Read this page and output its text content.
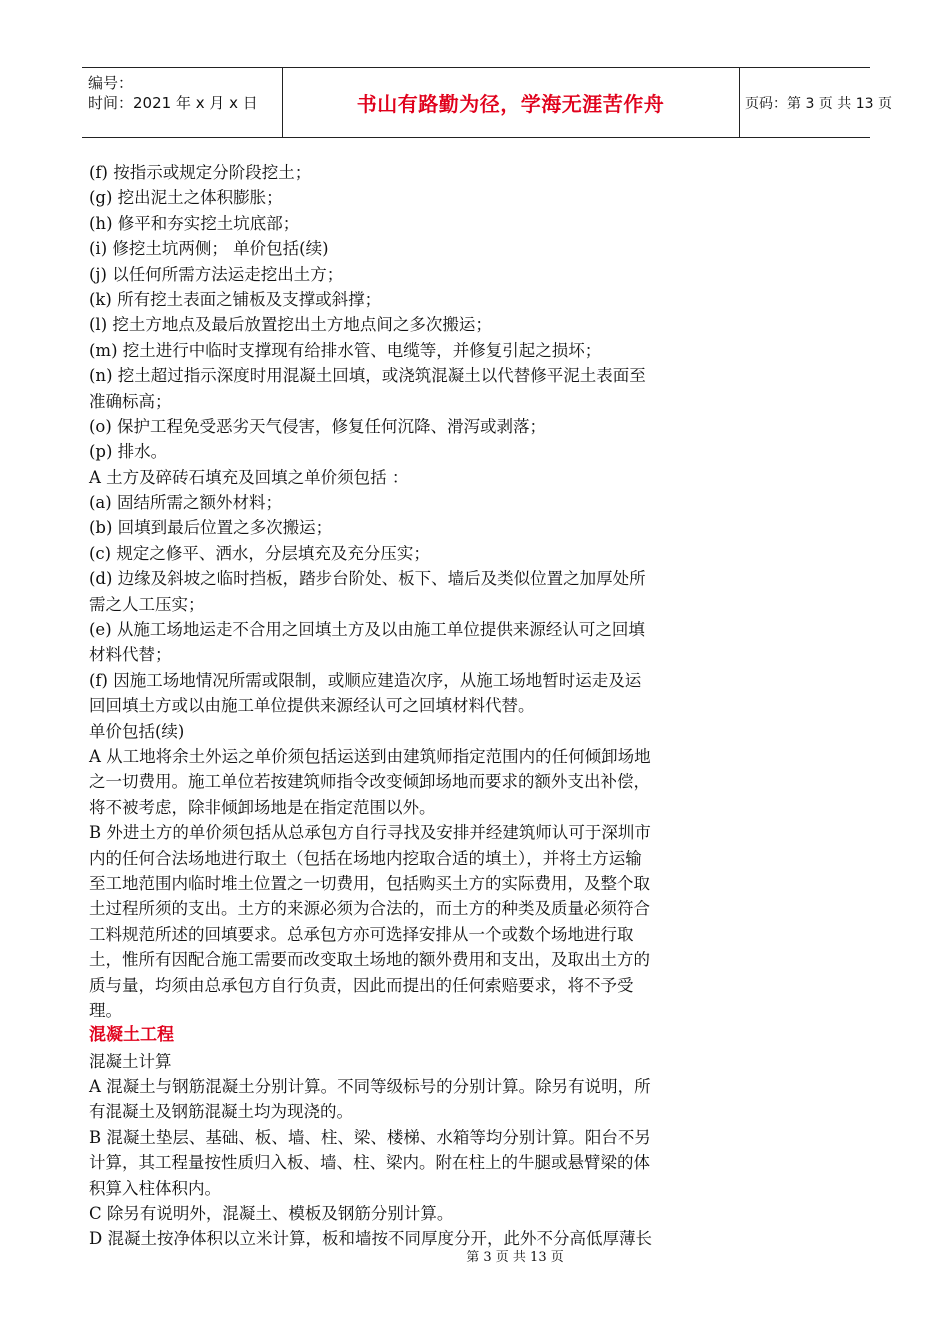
编号：
时间：2021 年 x 月 x 日	书山有路勤为径，学海无涯苦作舟	页码：第 3 页 共 13 页
(f) 按指示或规定分阶段挖土；
(g) 挖出泥土之体积膨胀；
(h) 修平和夯实挖土坑底部；
(i) 修挖土坑两侧； 单价包括(续)
(j) 以任何所需方法运走挖出土方；
(k) 所有挖土表面之铺板及支撑或斜撑；
(l) 挖土方地点及最后放置挖出土方地点间之多次搬运；
(m) 挖土进行中临时支撑现有给排水管、电缆等，并修复引起之损坏；
(n) 挖土超过指示深度时用混凝土回填，或浇筑混凝土以代替修平泥土表面至
准确标高；
(o) 保护工程免受恶劣天气侵害，修复任何沉降、滑泻或剥落；
(p) 排水。
A 土方及碎砖石填充及回填之单价须包括 ：
(a) 固结所需之额外材料；
(b) 回填到最后位置之多次搬运；
(c) 规定之修平、洒水，分层填充及充分压实；
(d) 边缘及斜坡之临时挡板，踏步台阶处、板下、墙后及类似位置之加厚处所
需之人工压实；
(e) 从施工场地运走不合用之回填土方及以由施工单位提供来源经认可之回填
材料代替；
(f) 因施工场地情况所需或限制，或顺应建造次序，从施工场地暂时运走及运
回回填土方或以由施工单位提供来源经认可之回填材料代替。
单价包括(续)
A 从工地将余土外运之单价须包括运送到由建筑师指定范围内的任何倾卸场地
之一切费用。施工单位若按建筑师指令改变倾卸场地而要求的额外支出补偿，
将不被考虑，除非倾卸场地是在指定范围以外。
B 外进土方的单价须包括从总承包方自行寻找及安排并经建筑师认可于深圳市
内的任何合法场地进行取土（包括在场地内挖取合适的填土），并将土方运输
至工地范围内临时堆土位置之一切费用，包括购买土方的实际费用，及整个取
土过程所须的支出。土方的来源必须为合法的，而土方的种类及质量必须符合
工料规范所述的回填要求。总承包方亦可选择安排从一个或数个场地进行取
土，惟所有因配合施工需要而改变取土场地的额外费用和支出，及取出土方的
质与量，均须由总承包方自行负责，因此而提出的任何索赔要求，将不予受
理。
混凝土工程
混凝土计算
A 混凝土与钢筋混凝土分别计算。不同等级标号的分别计算。除另有说明，所
有混凝土及钢筋混凝土均为现浇的。
B 混凝土垫层、基础、板、墙、柱、梁、楼梯、水箱等均分别计算。阳台不另
计算，其工程量按性质归入板、墙、柱、梁内。附在柱上的牛腿或悬臂梁的体
积算入柱体积内。
C 除另有说明外，混凝土、模板及钢筋分别计算。
D 混凝土按净体积以立米计算，板和墙按不同厚度分开，此外不分高低厚薄长
第 3 页 共 13 页
